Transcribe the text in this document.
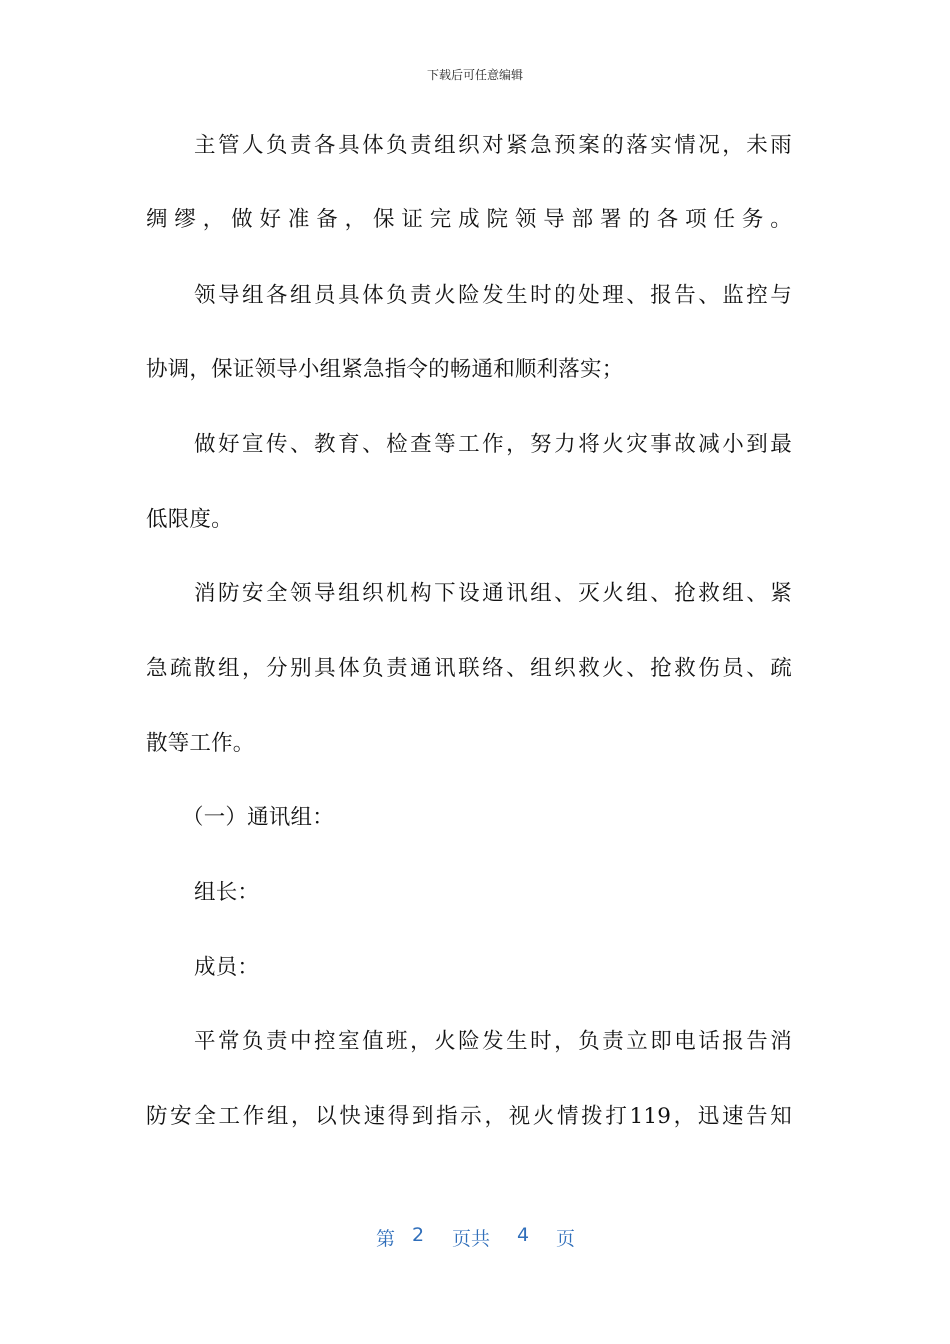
下载后可任意编辑
主管人负责各具体负责组织对紧急预案的落实情况，未雨
绸缪，做好准备，保证完成院领导部署的各项任务。
领导组各组员具体负责火险发生时的处理、报告、监控与
协调，保证领导小组紧急指令的畅通和顺利落实；
做好宣传、教育、检查等工作，努力将火灾事故减小到最
低限度。
消防安全领导组织机构下设通讯组、灭火组、抢救组、紧
急疏散组，分别具体负责通讯联络、组织救火、抢救伤员、疏
散等工作。
（一）通讯组：
组长：
成员：
平常负责中控室值班，火险发生时，负责立即电话报告消
防安全工作组，以快速得到指示，视火情拨打119，迅速告知
第 2 页共 4 页
